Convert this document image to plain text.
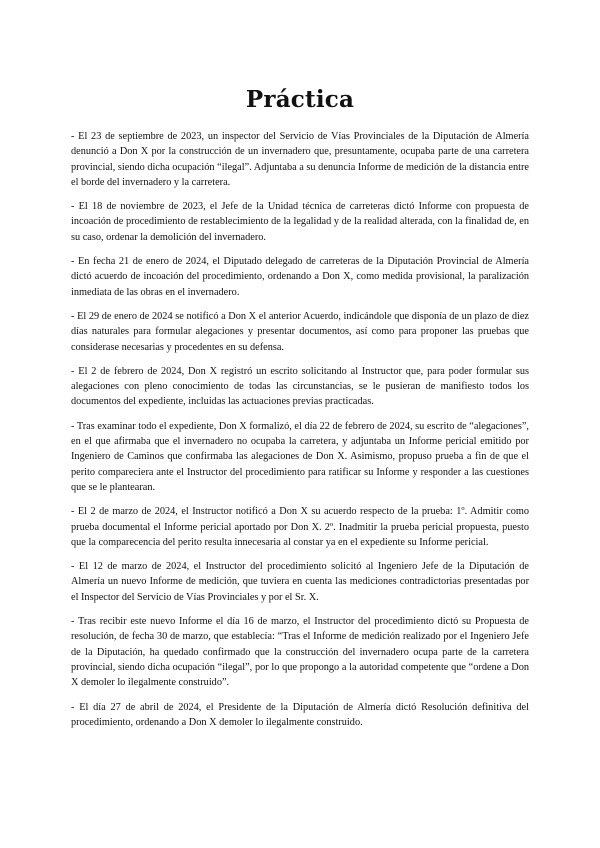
Práctica

- El 23 de septiembre de 2023, un inspector del Servicio de Vías Provinciales de la Diputación de Almería denunció a Don X por la construcción de un invernadero que, presuntamente, ocupaba parte de una carretera provincial, siendo dicha ocupación “ilegal”. Adjuntaba a su denuncia Informe de medición de la distancia entre el borde del invernadero y la carretera.

- El 18 de noviembre de 2023, el Jefe de la Unidad técnica de carreteras dictó Informe con propuesta de incoación de procedimiento de restablecimiento de la legalidad y de la realidad alterada, con la finalidad de, en su caso, ordenar la demolición del invernadero.

- En fecha 21 de enero de 2024, el Diputado delegado de carreteras de la Diputación Provincial de Almería dictó acuerdo de incoación del procedimiento, ordenando a Don X, como medida provisional, la paralización inmediata de las obras en el invernadero.

- El 29 de enero de 2024 se notificó a Don X el anterior Acuerdo, indicándole que disponía de un plazo de diez días naturales para formular alegaciones y presentar documentos, así como para proponer las pruebas que considerase necesarias y procedentes en su defensa.

- El 2 de febrero de 2024, Don X registró un escrito solicitando al Instructor que, para poder formular sus alegaciones con pleno conocimiento de todas las circunstancias, se le pusieran de manifiesto todos los documentos del expediente, incluidas las actuaciones previas practicadas.

- Tras examinar todo el expediente, Don X formalizó, el día 22 de febrero de 2024, su escrito de “alegaciones”, en el que afirmaba que el invernadero no ocupaba la carretera, y adjuntaba un Informe pericial emitido por Ingeniero de Caminos que confirmaba las alegaciones de Don X. Asimismo, propuso prueba a fin de que el perito compareciera ante el Instructor del procedimiento para ratificar su Informe y responder a las cuestiones que se le plantearan.

- El 2 de marzo de 2024, el Instructor notificó a Don X su acuerdo respecto de la prueba: 1º. Admitir como prueba documental el Informe pericial aportado por Don X. 2º. Inadmitir la prueba pericial propuesta, puesto que la comparecencia del perito resulta innecesaria al constar ya en el expediente su Informe pericial.

- El 12 de marzo de 2024, el Instructor del procedimiento solicitó al Ingeniero Jefe de la Diputación de Almería un nuevo Informe de medición, que tuviera en cuenta las mediciones contradictorias presentadas por el Inspector del Servicio de Vías Provinciales y por el Sr. X.

- Tras recibir este nuevo Informe el día 16 de marzo, el Instructor del procedimiento dictó su Propuesta de resolución, de fecha 30 de marzo, que establecía: “Tras el Informe de medición realizado por el Ingeniero Jefe de la Diputación, ha quedado confirmado que la construcción del invernadero ocupa parte de la carretera provincial, siendo dicha ocupación “ilegal”, por lo que propongo a la autoridad competente que “ordene a Don X demoler lo ilegalmente construido”.

- El día 27 de abril de 2024, el Presidente de la Diputación de Almería dictó Resolución definitiva del procedimiento, ordenando a Don X demoler lo ilegalmente construido.
